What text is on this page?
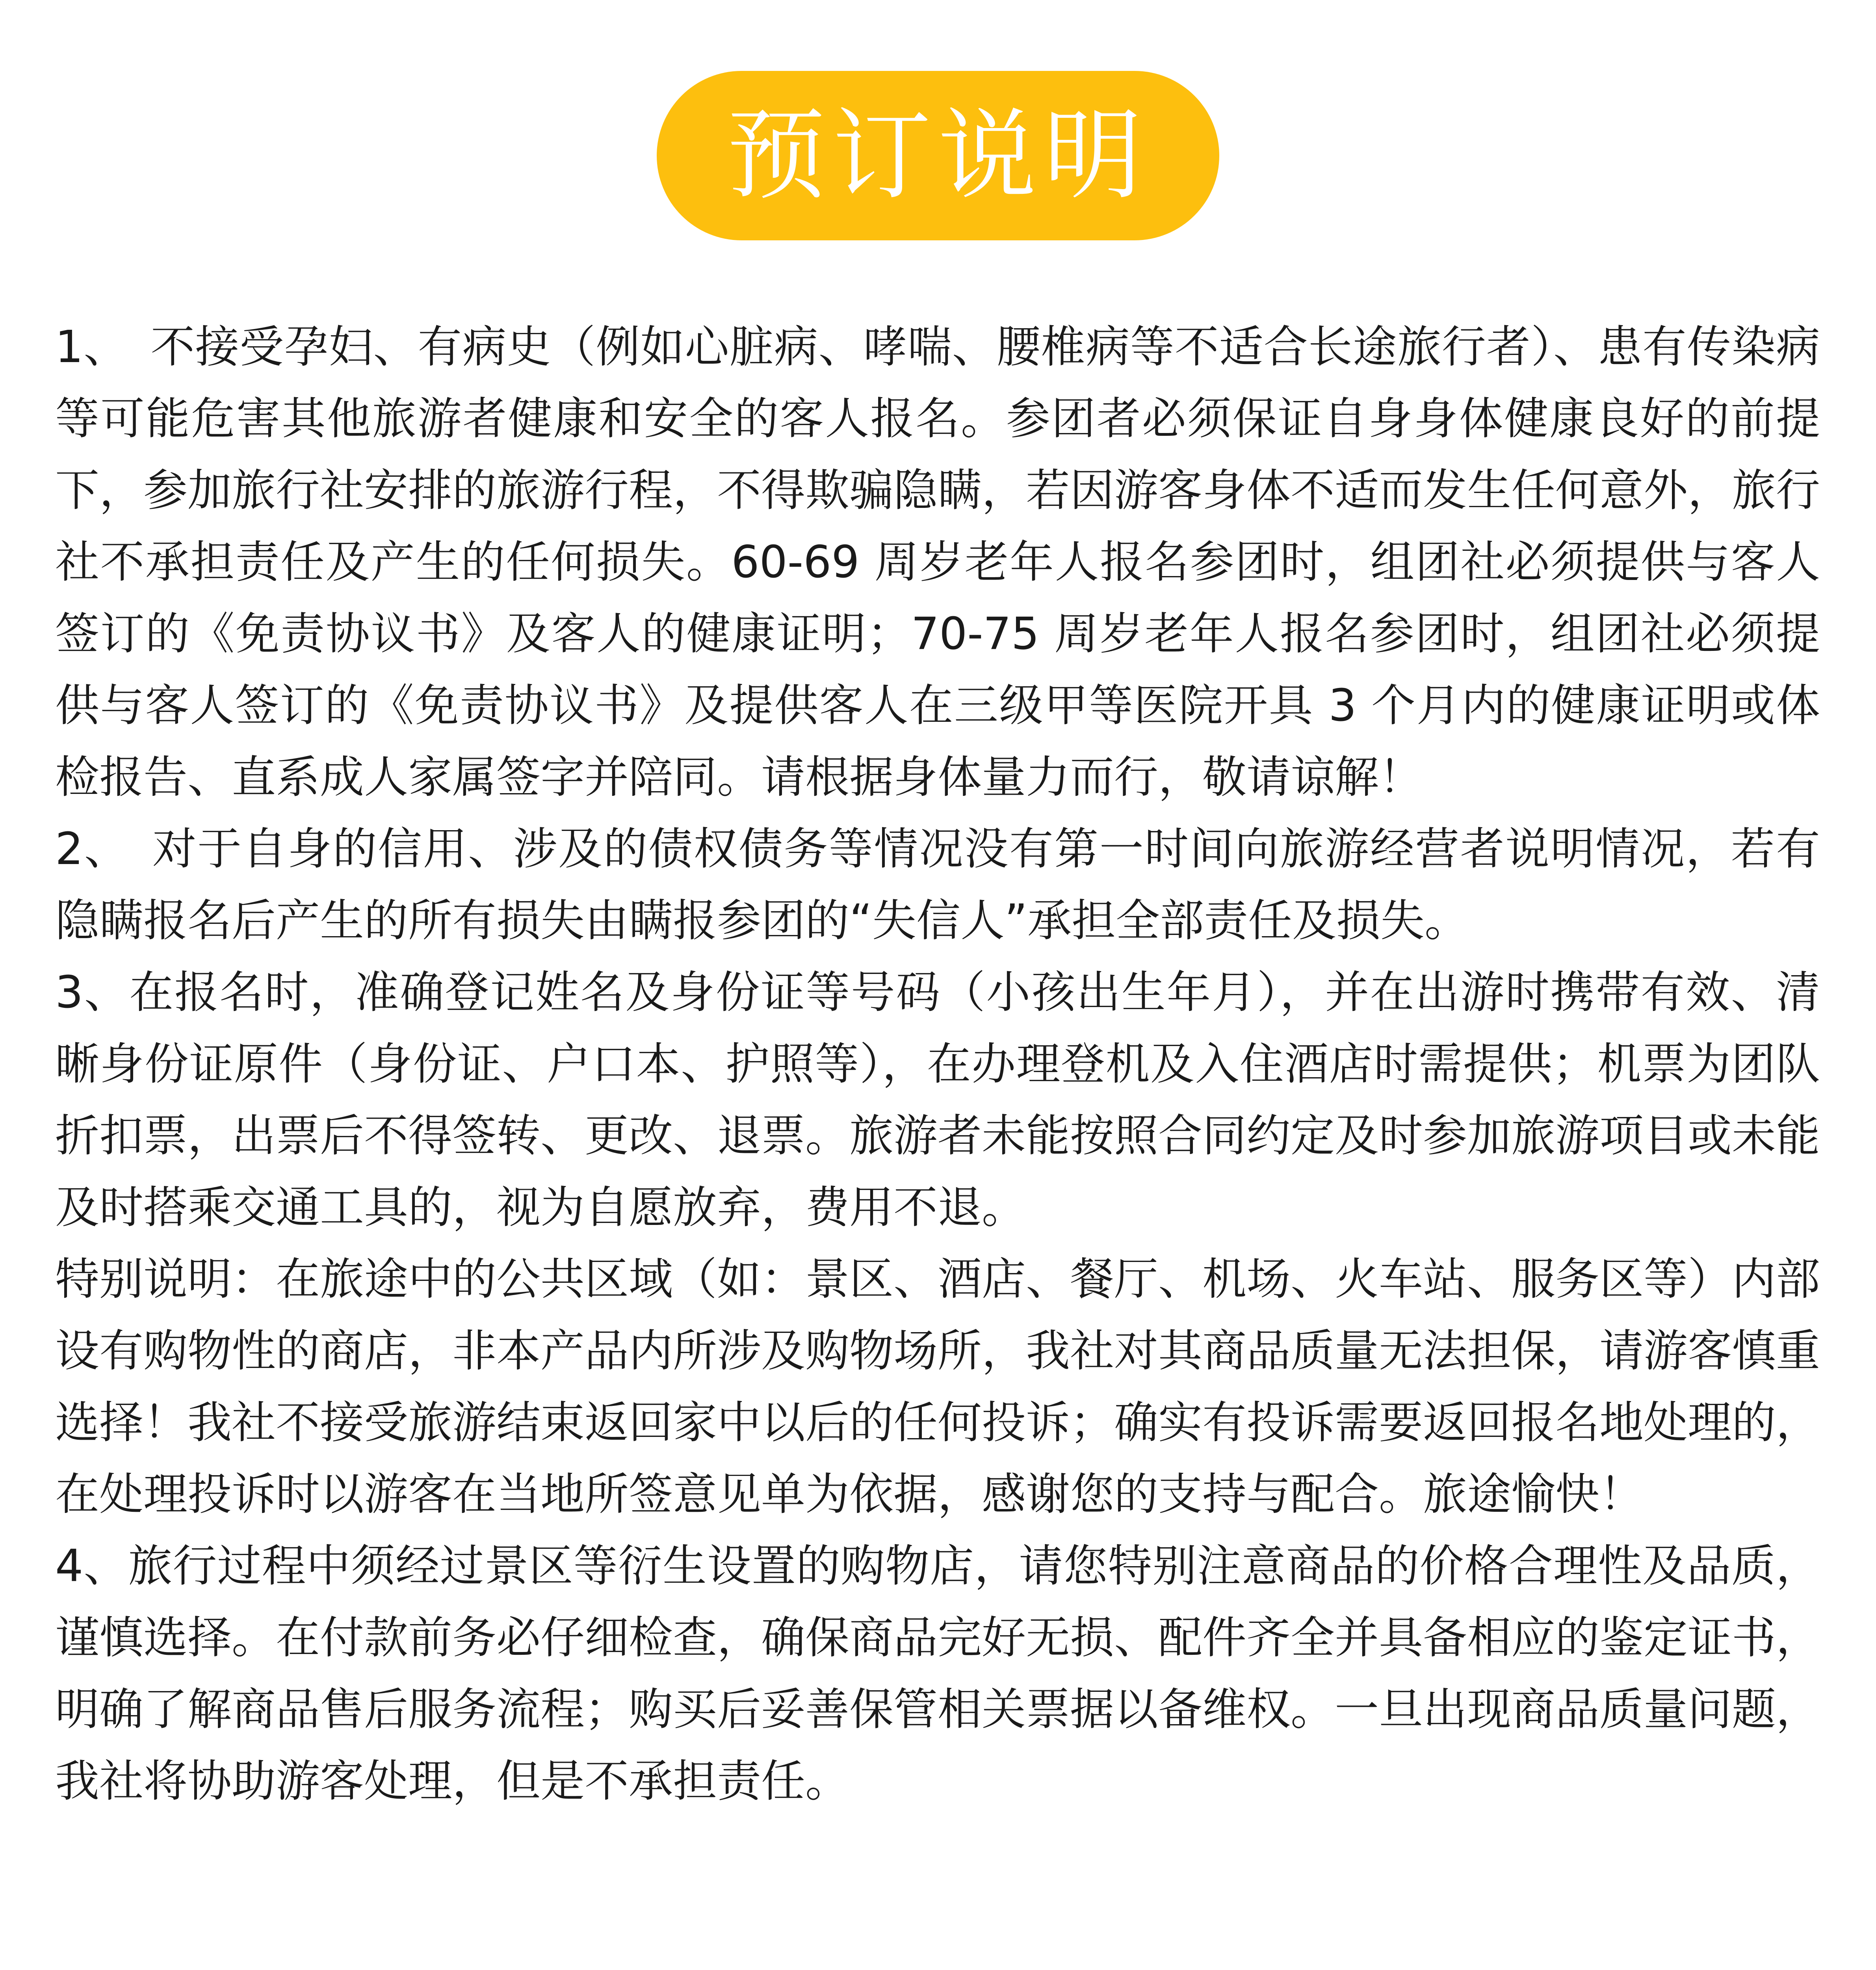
预订说明

1、　不接受孕妇、有病史（例如心脏病、哮喘、腰椎病等不适合长途旅行者）、患有传染病等可能危害其他旅游者健康和安全的客人报名。参团者必须保证自身身体健康良好的前提下，参加旅行社安排的旅游行程，不得欺骗隐瞒，若因游客身体不适而发生任何意外，旅行社不承担责任及产生的任何损失。60-69 周岁老年人报名参团时，组团社必须提供与客人签订的《免责协议书》及客人的健康证明；70-75 周岁老年人报名参团时，组团社必须提供与客人签订的《免责协议书》及提供客人在三级甲等医院开具 3 个月内的健康证明或体检报告、直系成人家属签字并陪同。请根据身体量力而行，敬请谅解！

2、　对于自身的信用、涉及的债权债务等情况没有第一时间向旅游经营者说明情况，若有隐瞒报名后产生的所有损失由瞒报参团的“失信人”承担全部责任及损失。

3、在报名时，准确登记姓名及身份证等号码（小孩出生年月），并在出游时携带有效、清晰身份证原件（身份证、户口本、护照等），在办理登机及入住酒店时需提供；机票为团队折扣票，出票后不得签转、更改、退票。旅游者未能按照合同约定及时参加旅游项目或未能及时搭乘交通工具的，视为自愿放弃，费用不退。

特别说明：在旅途中的公共区域（如：景区、酒店、餐厅、机场、火车站、服务区等）内部设有购物性的商店，非本产品内所涉及购物场所，我社对其商品质量无法担保，请游客慎重选择！我社不接受旅游结束返回家中以后的任何投诉；确实有投诉需要返回报名地处理的，在处理投诉时以游客在当地所签意见单为依据，感谢您的支持与配合。旅途愉快！

4、旅行过程中须经过景区等衍生设置的购物店，请您特别注意商品的价格合理性及品质，谨慎选择。在付款前务必仔细检查，确保商品完好无损、配件齐全并具备相应的鉴定证书，明确了解商品售后服务流程；购买后妥善保管相关票据以备维权。一旦出现商品质量问题，我社将协助游客处理，但是不承担责任。
